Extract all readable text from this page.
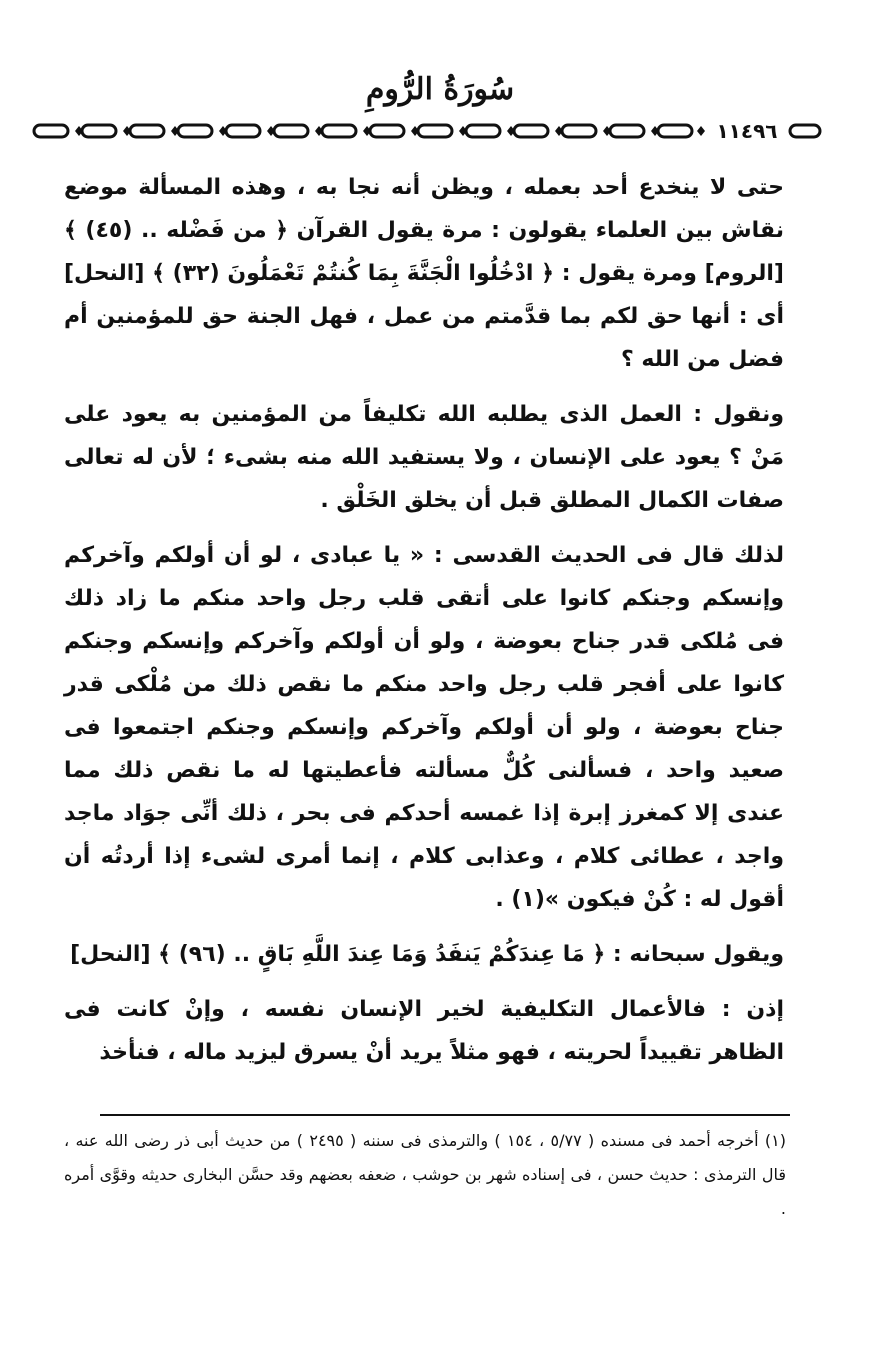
سُورَةُ الرُّومِ
١١٤٩٦

حتى لا ينخدع أحد بعمله ، ويظن أنه نجا به ، وهذه المسألة موضع نقاش بين العلماء يقولون : مرة يقول القرآن ﴿ من فَضْله .. (٤٥) ﴾ [الروم] ومرة يقول : ﴿ ادْخُلُوا الْجَنَّةَ بِمَا كُنتُمْ تَعْمَلُونَ (٣٢) ﴾ [النحل] أى : أنها حق لكم بما قدَّمتم من عمل ، فهل الجنة حق للمؤمنين أم فضل من الله ؟

ونقول : العمل الذى يطلبه الله تكليفاً من المؤمنين به يعود على مَنْ ؟ يعود على الإنسان ، ولا يستفيد الله منه بشىء ؛ لأن له تعالى صفات الكمال المطلق قبل أن يخلق الخَلْق .

لذلك قال فى الحديث القدسى : « يا عبادى ، لو أن أولكم وآخركم وإنسكم وجنكم كانوا على أتقى قلب رجل واحد منكم ما زاد ذلك فى مُلكى قدر جناح بعوضة ، ولو أن أولكم وآخركم وإنسكم وجنكم كانوا على أفجر قلب رجل واحد منكم ما نقص ذلك من مُلْكى قدر جناح بعوضة ، ولو أن أولكم وآخركم وإنسكم وجنكم اجتمعوا فى صعيد واحد ، فسألنى كُلٌّ مسألته فأعطيتها له ما نقص ذلك مما عندى إلا كمغرز إبرة إذا غمسه أحدكم فى بحر ، ذلك أنِّى جوَاد ماجد واجد ، عطائى كلام ، وعذابى كلام ، إنما أمرى لشىء إذا أردتُه أن أقول له : كُنْ فيكون »(١) .

ويقول سبحانه : ﴿ مَا عِندَكُمْ يَنفَدُ وَمَا عِندَ اللَّهِ بَاقٍ .. (٩٦) ﴾ [النحل]

إذن : فالأعمال التكليفية لخير الإنسان نفسه ، وإنْ كانت فى الظاهر تقييداً لحريته ، فهو مثلاً يريد أنْ يسرق ليزيد ماله ، فنأخذ

(١) أخرجه أحمد فى مسنده ( ٥/٧٧ ، ١٥٤ ) والترمذى فى سننه ( ٢٤٩٥ ) من حديث أبى ذر رضى الله عنه ، قال الترمذى : حديث حسن ، فى إسناده شهر بن حوشب ، ضعفه بعضهم وقد حسَّن البخارى حديثه وقوَّى أمره .
